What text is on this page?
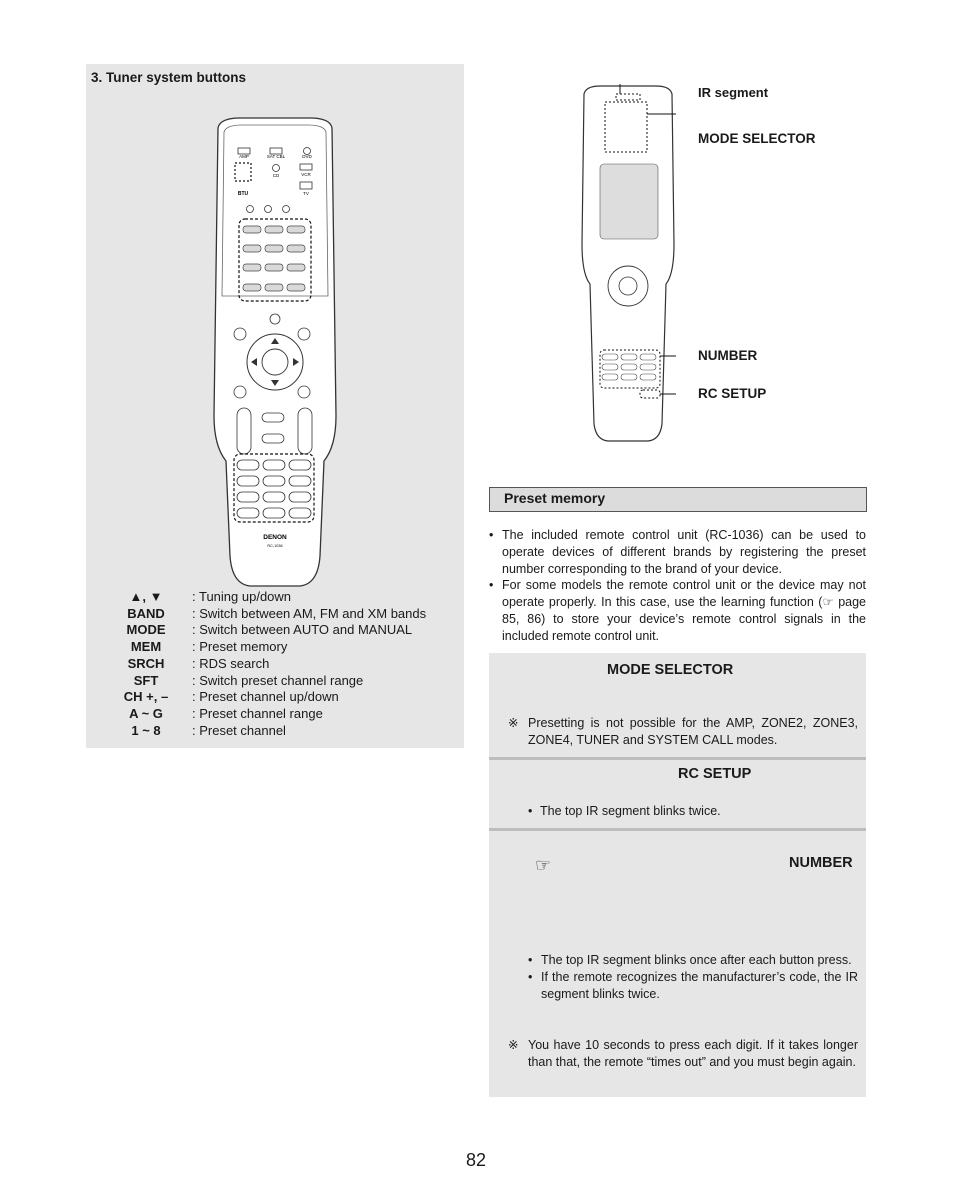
3. Tuner system buttons
AMP	SAT CBL	DVD
CD	VCR
BTU	TV
DENON
RC-1036
▲, ▼	: Tuning up/down
BAND	: Switch between AM, FM and XM bands
MODE	: Switch between AUTO and MANUAL
MEM	: Preset memory
SRCH	: RDS search
SFT	: Switch preset channel range
CH +, –	: Preset channel up/down
A ~ G	: Preset channel range
1 ~ 8	: Preset channel
IR segment
MODE SELECTOR
NUMBER
RC SETUP
Preset memory
• The included remote control unit (RC-1036) can be used to operate devices of different brands by registering the preset number corresponding to the brand of your device.
• For some models the remote control unit or the device may not operate properly. In this case, use the learning function (☞ page 85, 86) to store your device’s remote control signals in the included remote control unit.
MODE SELECTOR
※ Presetting is not possible for the AMP, ZONE2, ZONE3, ZONE4, TUNER and SYSTEM CALL modes.
RC SETUP
• The top IR segment blinks twice.
☞	NUMBER
• The top IR segment blinks once after each button press.
• If the remote recognizes the manufacturer’s code, the IR segment blinks twice.
※ You have 10 seconds to press each digit. If it takes longer than that, the remote “times out” and you must begin again.
82
